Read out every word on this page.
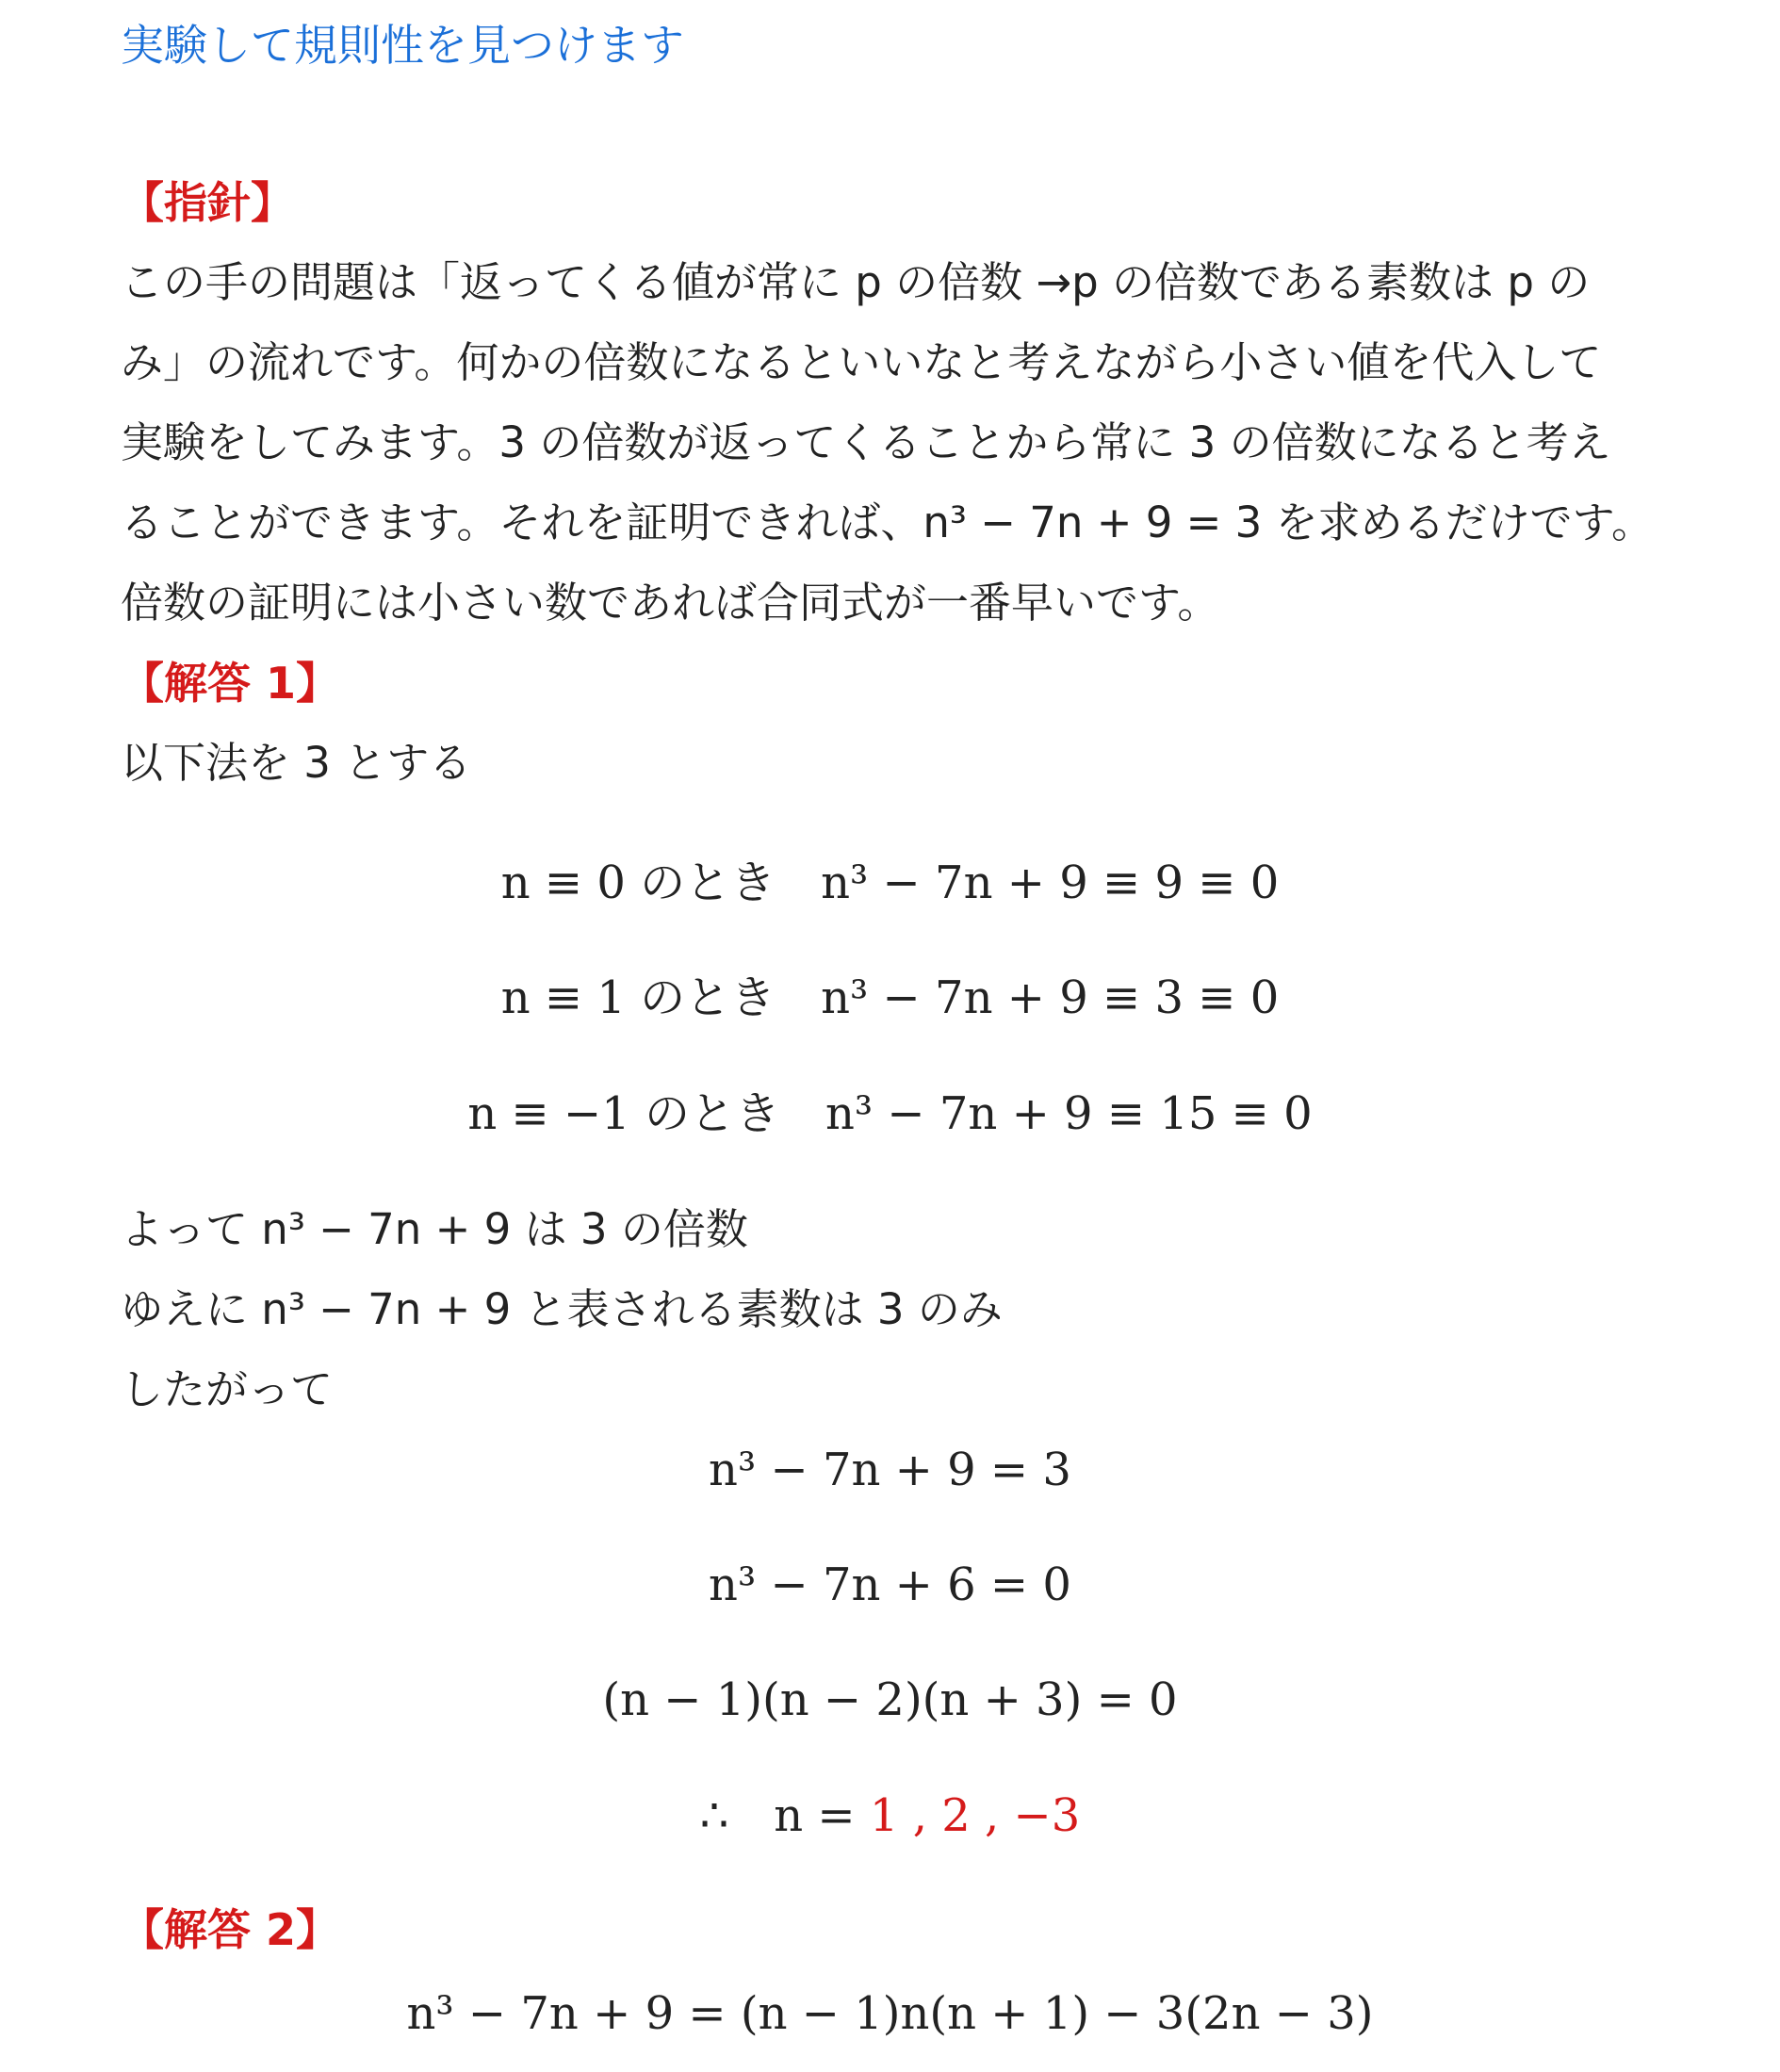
実験して規則性を見つけます
【指針】
この手の問題は「返ってくる値が常に p の倍数 →p の倍数である素数は p の
み」の流れです。何かの倍数になるといいなと考えながら小さい値を代入して
実験をしてみます。3 の倍数が返ってくることから常に 3 の倍数になると考え
ることができます。それを証明できれば、n³ − 7n + 9 = 3 を求めるだけです。
倍数の証明には小さい数であれば合同式が一番早いです。
【解答 1】
以下法を 3 とする
n ≡ 0 のとき　n³ − 7n + 9 ≡ 9 ≡ 0
n ≡ 1 のとき　n³ − 7n + 9 ≡ 3 ≡ 0
n ≡ −1 のとき　n³ − 7n + 9 ≡ 15 ≡ 0
よって n³ − 7n + 9 は 3 の倍数
ゆえに n³ − 7n + 9 と表される素数は 3 のみ
したがって
n³ − 7n + 9 = 3
n³ − 7n + 6 = 0
(n − 1)(n − 2)(n + 3) = 0
∴　n = 1 , 2 , −3
【解答 2】
n³ − 7n + 9 = (n − 1)n(n + 1) − 3(2n − 3)
